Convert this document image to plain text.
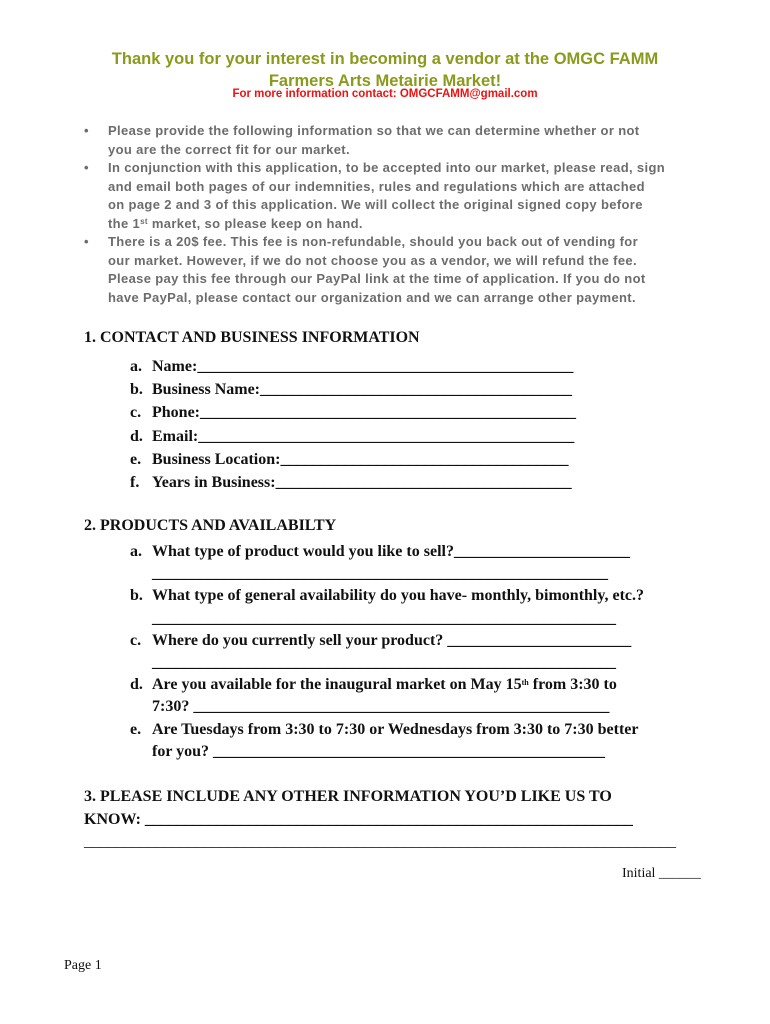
Thank you for your interest in becoming a vendor at the OMGC FAMM
Farmers Arts Metairie Market!
For more information contact: OMGCFAMM@gmail.com
• Please provide the following information so that we can determine whether or not
you are the correct fit for our market.
• In conjunction with this application, to be accepted into our market, please read, sign
and email both pages of our indemnities, rules and regulations which are attached
on page 2 and 3 of this application. We will collect the original signed copy before
the 1st market, so please keep on hand.
• There is a 20$ fee. This fee is non-refundable, should you back out of vending for
our market. However, if we do not choose you as a vendor, we will refund the fee.
Please pay this fee through our PayPal link at the time of application. If you do not
have PayPal, please contact our organization and we can arrange other payment.
1. CONTACT AND BUSINESS INFORMATION
a. Name:_______________________________________________
b. Business Name:_______________________________________
c. Phone:_______________________________________________
d. Email:_______________________________________________
e. Business Location:____________________________________
f. Years in Business:_____________________________________
2. PRODUCTS AND AVAILABILTY
a. What type of product would you like to sell?______________________
_________________________________________________________
b. What type of general availability do you have- monthly, bimonthly, etc.?
__________________________________________________________
c. Where do you currently sell your product? _______________________
__________________________________________________________
d. Are you available for the inaugural market on May 15th from 3:30 to
7:30? ____________________________________________________
e. Are Tuesdays from 3:30 to 7:30 or Wednesdays from 3:30 to 7:30 better
for you? _________________________________________________
3. PLEASE INCLUDE ANY OTHER INFORMATION YOU’D LIKE US TO
KNOW: _____________________________________________________________
__________________________________________________________________________
Initial ______
Page 1
